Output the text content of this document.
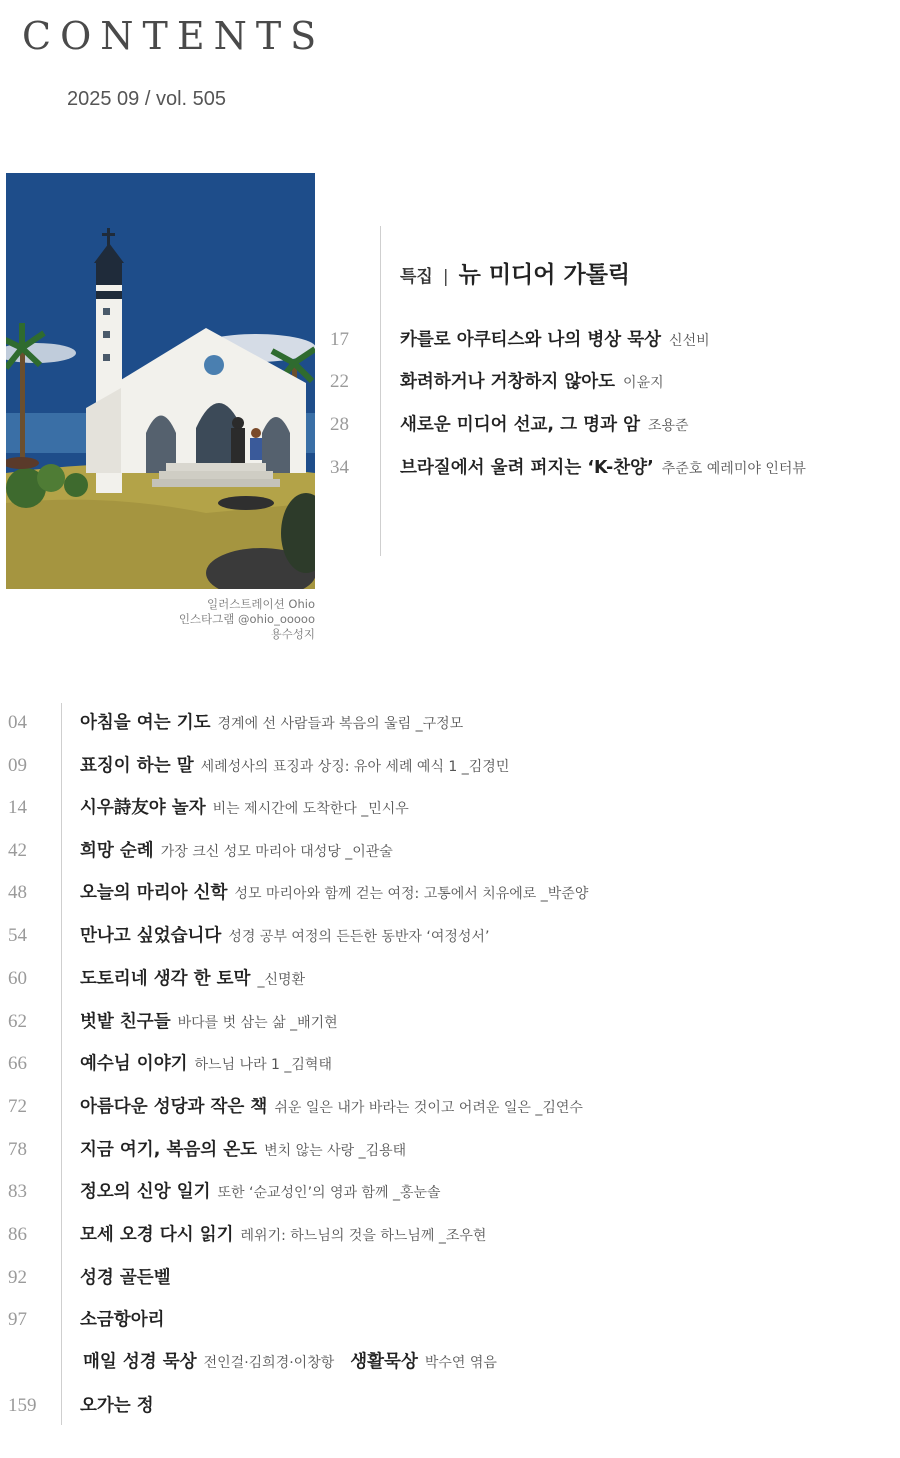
CONTENTS
2025 09 / vol. 505
일러스트레이션 Ohio
인스타그램 @ohio_ooooo
용수성지
특집 | 뉴 미디어 가톨릭
17	카를로 아쿠티스와 나의 병상 묵상 신선비
22	화려하거나 거창하지 않아도 이윤지
28	새로운 미디어 선교, 그 명과 암 조용준
34	브라질에서 울려 퍼지는 ‘K-찬양’ 추준호 예레미야 인터뷰
04	아침을 여는 기도 경계에 선 사람들과 복음의 울림 _구정모
09	표징이 하는 말 세례성사의 표징과 상징: 유아 세례 예식 1 _김경민
14	시우詩友야 놀자 비는 제시간에 도착한다 _민시우
42	희망 순례 가장 크신 성모 마리아 대성당 _이관술
48	오늘의 마리아 신학 성모 마리아와 함께 걷는 여정: 고통에서 치유에로 _박준양
54	만나고 싶었습니다 성경 공부 여정의 든든한 동반자 ‘여정성서’
60	도토리네 생각 한 토막 _신명환
62	벗밭 친구들 바다를 벗 삼는 삶 _배기현
66	예수님 이야기 하느님 나라 1 _김혁태
72	아름다운 성당과 작은 책 쉬운 일은 내가 바라는 것이고 어려운 일은 _김연수
78	지금 여기, 복음의 온도 변치 않는 사랑 _김용태
83	정오의 신앙 일기 또한 ‘순교성인’의 영과 함께 _홍눈솔
86	모세 오경 다시 읽기 레위기: 하느님의 것을 하느님께 _조우현
92	성경 골든벨
97	소금항아리
매일 성경 묵상 전인걸·김희경·이창항 생활묵상 박수연 엮음
159	오가는 정
